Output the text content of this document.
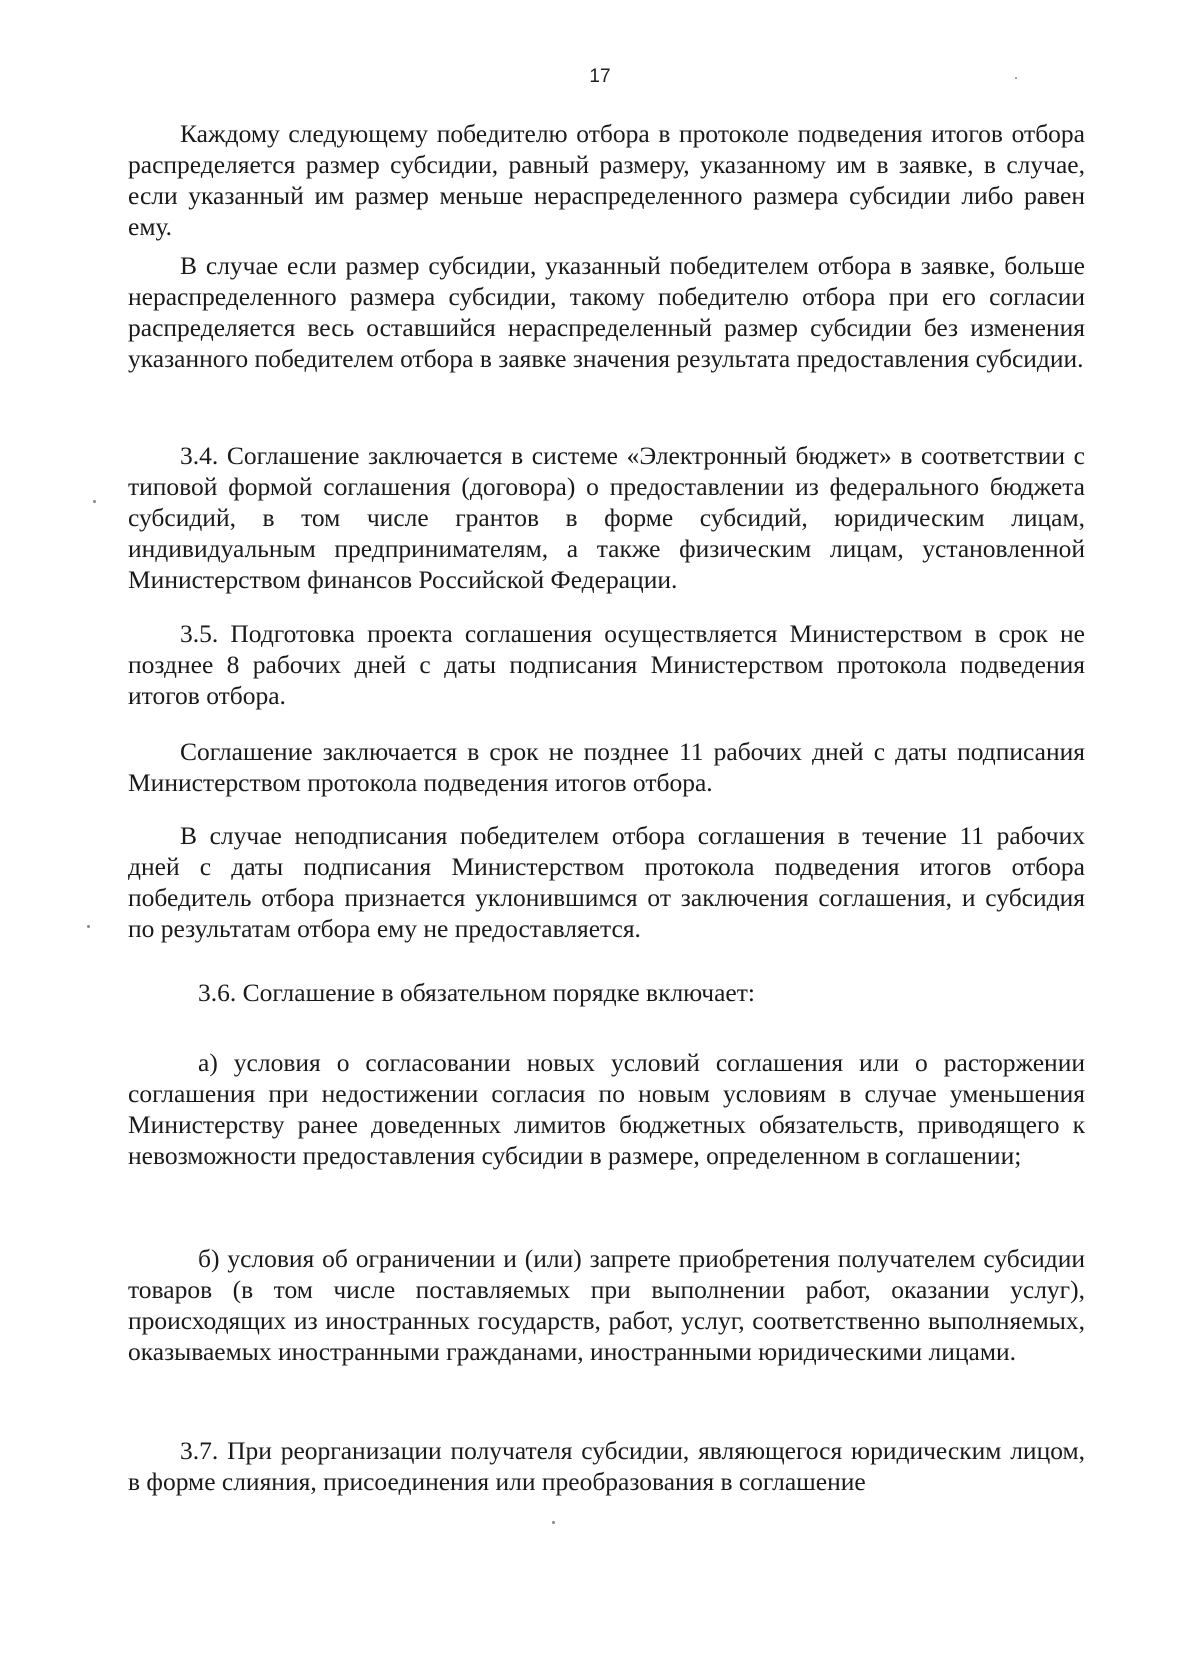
17

Каждому следующему победителю отбора в протоколе подведения итогов отбора распределяется размер субсидии, равный размеру, указанному им в заявке, в случае, если указанный им размер меньше нераспределенного размера субсидии либо равен ему.

В случае если размер субсидии, указанный победителем отбора в заявке, больше нераспределенного размера субсидии, такому победителю отбора при его согласии распределяется весь оставшийся нераспределенный размер субсидии без изменения указанного победителем отбора в заявке значения результата предоставления субсидии.

3.4. Соглашение заключается в системе «Электронный бюджет» в соответствии с типовой формой соглашения (договора) о предоставлении из федерального бюджета субсидий, в том числе грантов в форме субсидий, юридическим лицам, индивидуальным предпринимателям, а также физическим лицам, установленной Министерством финансов Российской Федерации.

3.5. Подготовка проекта соглашения осуществляется Министерством в срок не позднее 8 рабочих дней с даты подписания Министерством протокола подведения итогов отбора.

Соглашение заключается в срок не позднее 11 рабочих дней с даты подписания Министерством протокола подведения итогов отбора.

В случае неподписания победителем отбора соглашения в течение 11 рабочих дней с даты подписания Министерством протокола подведения итогов отбора победитель отбора признается уклонившимся от заключения соглашения, и субсидия по результатам отбора ему не предоставляется.

3.6. Соглашение в обязательном порядке включает:

а) условия о согласовании новых условий соглашения или о расторжении соглашения при недостижении согласия по новым условиям в случае уменьшения Министерству ранее доведенных лимитов бюджетных обязательств, приводящего к невозможности предоставления субсидии в размере, определенном в соглашении;

б) условия об ограничении и (или) запрете приобретения получателем субсидии товаров (в том числе поставляемых при выполнении работ, оказании услуг), происходящих из иностранных государств, работ, услуг, соответственно выполняемых, оказываемых иностранными гражданами, иностранными юридическими лицами.

3.7. При реорганизации получателя субсидии, являющегося юридическим лицом, в форме слияния, присоединения или преобразования в соглашение
